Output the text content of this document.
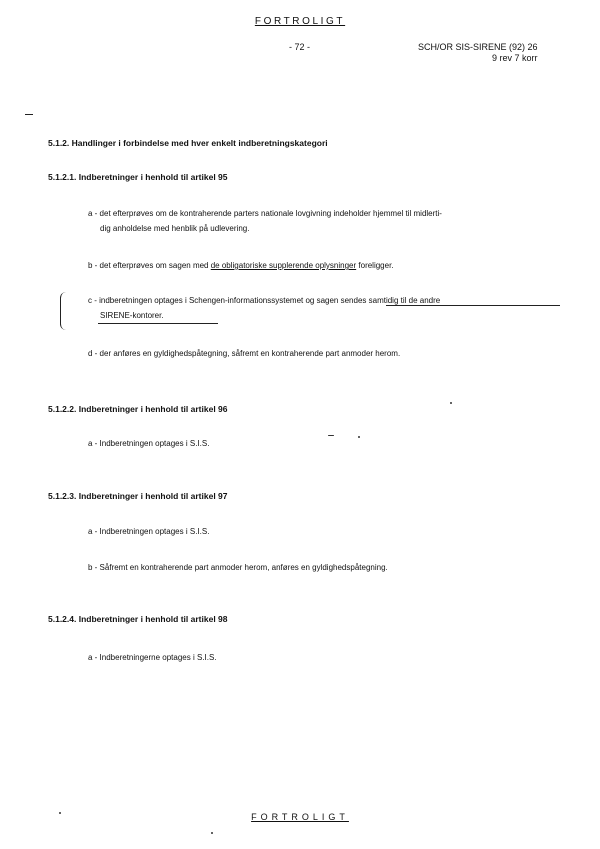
FORTROLIGT
- 72 -	SCH/OR SIS-SIRENE (92) 26
9 rev 7 korr
5.1.2. Handlinger i forbindelse med hver enkelt indberetningskategori
5.1.2.1. Indberetninger i henhold til artikel 95
a - det efterprøves om de kontraherende parters nationale lovgivning indeholder hjemmel til midlerti-
dig anholdelse med henblik på udlevering.
b - det efterprøves om sagen med de obligatoriske supplerende oplysninger foreligger.
c - indberetningen optages i Schengen-informationssystemet og sagen sendes samtidig til de andre
SIRENE-kontorer.
d - der anføres en gyldighedspåtegning, såfremt en kontraherende part anmoder herom.
5.1.2.2. Indberetninger i henhold til artikel 96
a - Indberetningen optages i S.I.S.
5.1.2.3. Indberetninger i henhold til artikel 97
a - Indberetningen optages i S.I.S.
b - Såfremt en kontraherende part anmoder herom, anføres en gyldighedspåtegning.
5.1.2.4. Indberetninger i henhold til artikel 98
a - Indberetningerne optages i S.I.S.
FORTROLIGT
